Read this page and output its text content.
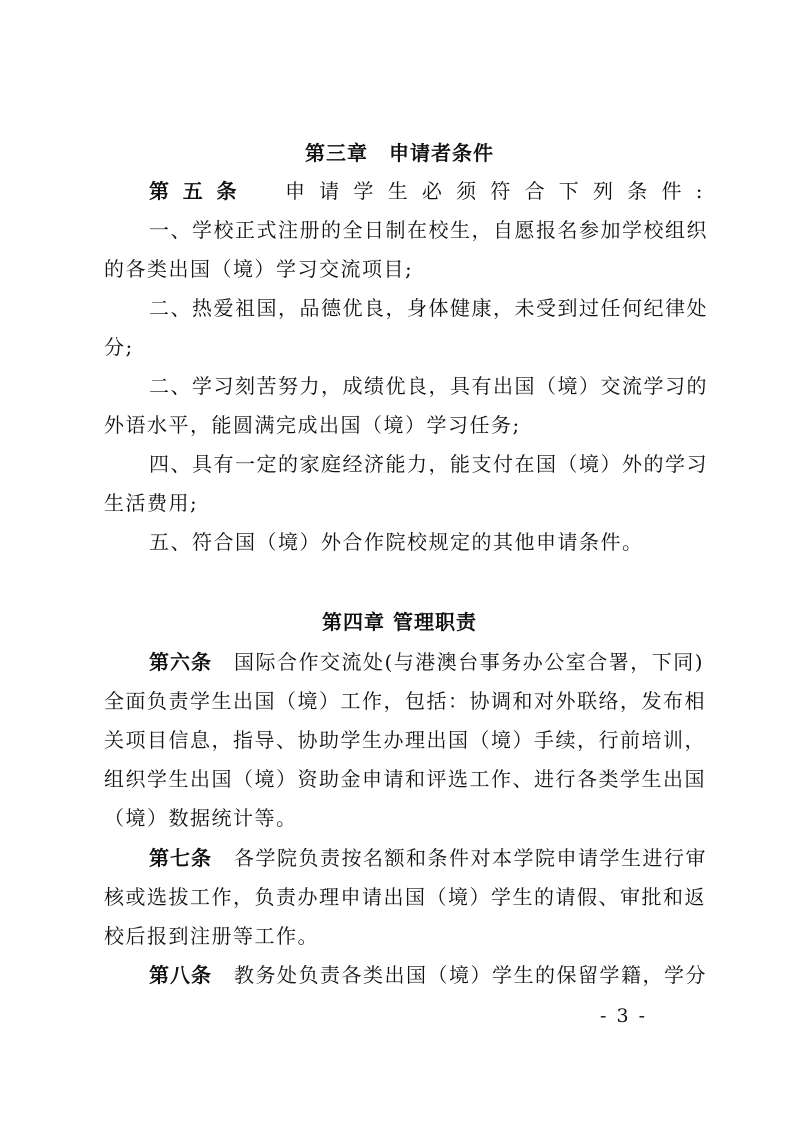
第三章　申请者条件
第五条 申请学生必须符合下列条件:
一、学校正式注册的全日制在校生，自愿报名参加学校组织
的各类出国（境）学习交流项目;
二、热爱祖国，品德优良，身体健康，未受到过任何纪律处
分;
二、学习刻苦努力，成绩优良，具有出国（境）交流学习的
外语水平，能圆满完成出国（境）学习任务;
四、具有一定的家庭经济能力，能支付在国（境）外的学习
生活费用;
五、符合国（境）外合作院校规定的其他申请条件。
第四章 管理职责
第六条 国际合作交流处(与港澳台事务办公室合署，下同)
全面负责学生出国（境）工作，包括：协调和对外联络，发布相
关项目信息，指导、协助学生办理出国（境）手续，行前培训，
组织学生出国（境）资助金申请和评选工作、进行各类学生出国
（境）数据统计等。
第七条 各学院负责按名额和条件对本学院申请学生进行审
核或选拔工作，负责办理申请出国（境）学生的请假、审批和返
校后报到注册等工作。
第八条 教务处负责各类出国（境）学生的保留学籍，学分
- 3 -
